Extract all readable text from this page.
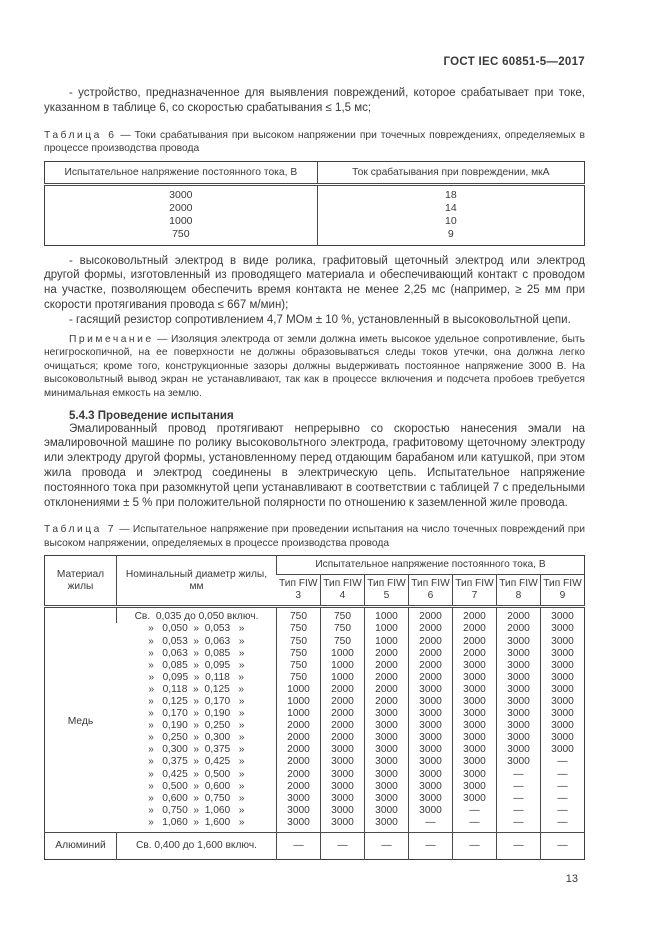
ГОСТ IEC 60851-5—2017

- устройство, предназначенное для выявления повреждений, которое срабатывает при токе, указанном в таблице 6, со скоростью срабатывания ≤ 1,5 мс;

Таблица 6 — Токи срабатывания при высоком напряжении при точечных повреждениях, определяемых в процессе производства провода
Испытательное напряжение постоянного тока, В	Ток срабатывания при повреждении, мкА
3000	18
2000	14
1000	10
750	9

- высоковольтный электрод в виде ролика, графитовый щеточный электрод или электрод другой формы, изготовленный из проводящего материала и обеспечивающий контакт с проводом на участке, позволяющем обеспечить время контакта не менее 2,25 мс (например, ≥ 25 мм при скорости протягивания провода ≤ 667 м/мин);

- гасящий резистор сопротивлением 4,7 МОм ± 10 %, установленный в высоковольтной цепи.

Примечание — Изоляция электрода от земли должна иметь высокое удельное сопротивление, быть негигроскопичной, на ее поверхности не должны образовываться следы токов утечки, она должна легко очищаться; кроме того, конструкционные зазоры должны выдерживать постоянное напряжение 3000 В. На высоковольтный вывод экран не устанавливают, так как в процессе включения и подсчета пробоев требуется минимальная емкость на землю.
5.4.3 Проведение испытания

Эмалированный провод протягивают непрерывно со скоростью нанесения эмали на эмалировочной машине по ролику высоковольтного электрода, графитовому щеточному электроду или электроду другой формы, установленному перед отдающим барабаном или катушкой, при этом жила провода и электрод соединены в электрическую цепь. Испытательное напряжение постоянного тока при разомкнутой цепи устанавливают в соответствии с таблицей 7 с предельными отклонениями ± 5 % при положительной полярности по отношению к заземленной жиле провода.

Таблица 7 — Испытательное напряжение при проведении испытания на число точечных повреждений при высоком напряжении, определяемых в процессе производства провода
Материал жилы	Номинальный диаметр жилы, мм	Испытательное напряжение постоянного тока, В						
		Тип FIW 3	Тип FIW 4	Тип FIW 5	Тип FIW 6	Тип FIW 7	Тип FIW 8	Тип FIW 9
Медь	Св.  0,035 до 0,050 включ.	750	750	1000	2000	2000	2000	3000
	»   0,050  »  0,053   »	750	750	1000	2000	2000	2000	3000
	»   0,053  »  0,063   »	750	750	1000	2000	2000	3000	3000
	»   0,063  »  0,085   »	750	1000	2000	2000	2000	3000	3000
	»   0,085  »  0,095   »	750	1000	2000	2000	3000	3000	3000
	»   0,095  »  0,118   »	750	1000	2000	2000	3000	3000	3000
	»   0,118  »  0,125   »	1000	2000	2000	3000	3000	3000	3000
	»   0,125  »  0,170   »	1000	2000	2000	3000	3000	3000	3000
	»   0,170  »  0,190   »	1000	2000	3000	3000	3000	3000	3000
	»   0,190  »  0,250   »	2000	2000	3000	3000	3000	3000	3000
	»   0,250  »  0,300   »	2000	2000	3000	3000	3000	3000	3000
	»   0,300  »  0,375   »	2000	3000	3000	3000	3000	3000	3000
	»   0,375  »  0,425   »	2000	3000	3000	3000	3000	3000	—
	»   0,425  »  0,500   »	2000	3000	3000	3000	3000	—	—
	»   0,500  »  0,600   »	2000	3000	3000	3000	3000	—	—
	»   0,600  »  0,750   »	3000	3000	3000	3000	3000	—	—
	»   0,750  »  1,060   »	3000	3000	3000	3000	—	—	—
	»   1,060  »  1,600   »	3000	3000	3000	—	—	—	—
Алюминий	Св. 0,400 до 1,600 включ.	—	—	—	—	—	—	—
13
